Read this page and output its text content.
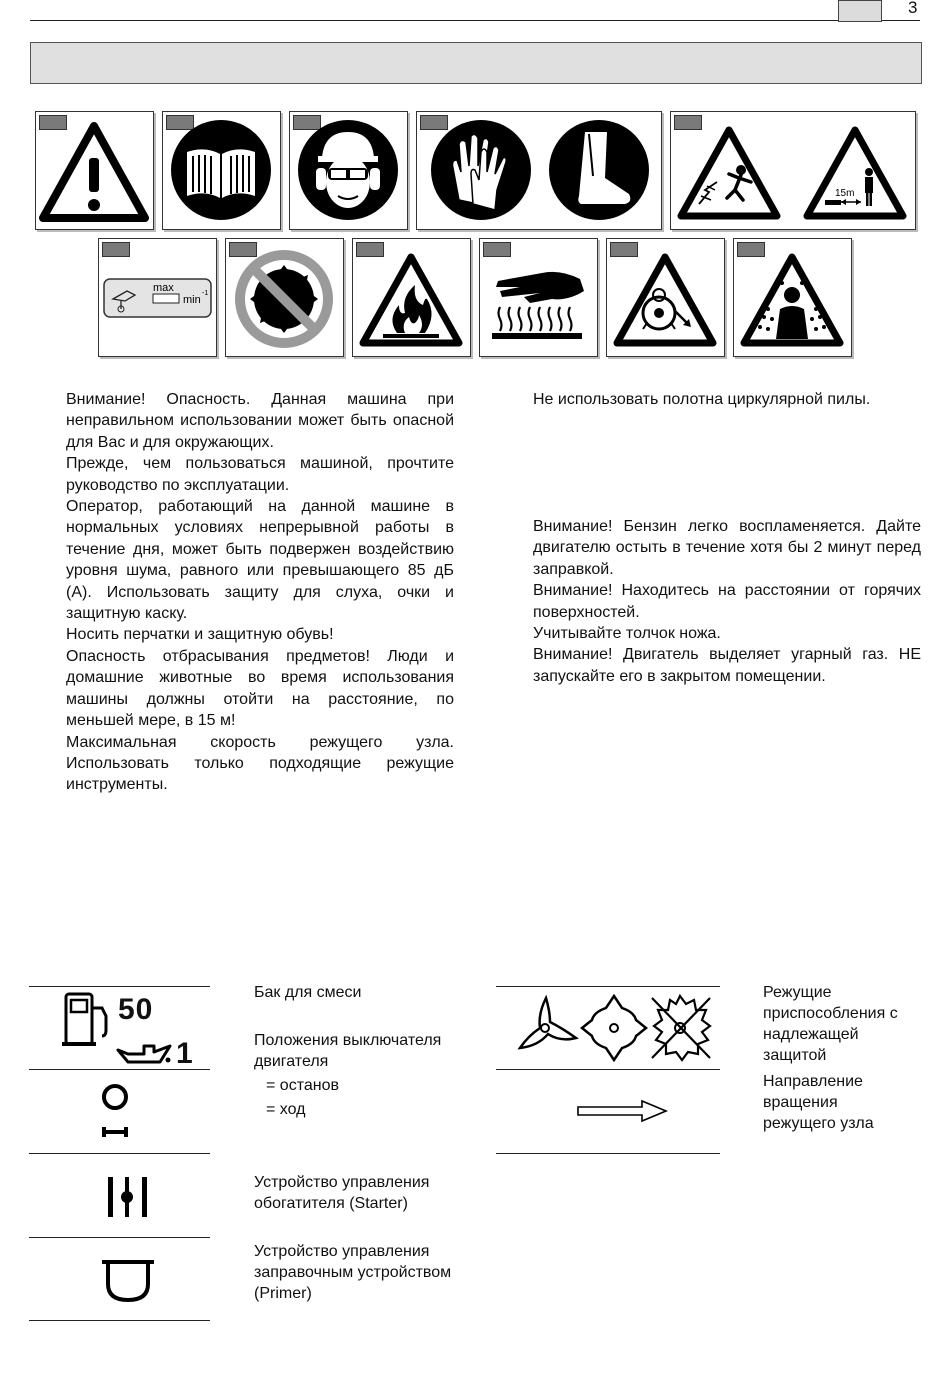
3
15m
max
min
-1

Внимание! Опасность. Данная машина при неправильном использовании может быть опасной для Вас и для окружающих.

Прежде, чем пользоваться машиной, прочтите руководство по эксплуатации.

Оператор, работающий на данной машине в нормальных условиях непрерывной работы в течение дня, может быть подвержен воздействию уровня шума, равного или превышающего 85 дБ (A). Использовать защиту для слуха, очки и защитную каску.

Носить перчатки и защитную обувь!

Опасность отбрасывания предметов! Люди и домашние животные во время использования машины должны отойти на расстояние, по меньшей мере, в 15 м!

Максимальная скорость режущего узла. Использовать только подходящие режущие инструменты.

Не использовать полотна циркулярной пилы.

Внимание! Бензин легко воспламеняется. Дайте двигателю остыть в течение хотя бы 2 минут перед заправкой.

Внимание! Находитесь на расстоянии от горячих поверхностей.

Учитывайте толчок ножа.

Внимание! Двигатель выделяет угарный газ. НЕ запускайте его в закрытом помещении.

50
1

Бак для смеси

Положения выключателя двигателя

= останов

= ход

Устройство управления обогатителя (Starter)

Устройство управления заправочным устройством (Primer)

Режущие приспособления с надлежащей защитой

Направление вращения режущего узла
